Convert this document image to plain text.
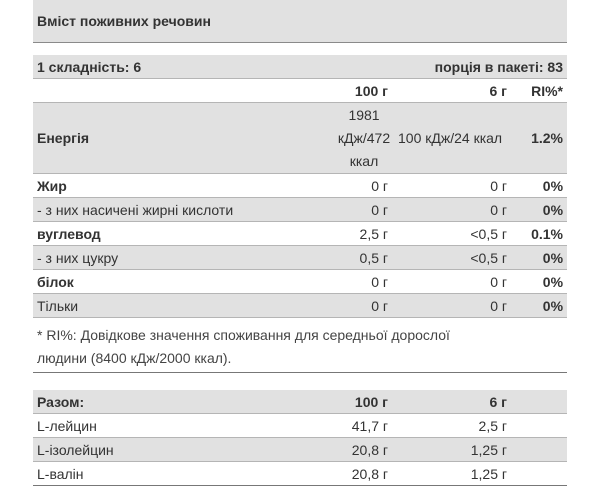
Вміст поживних речовин
1 складність: 6		порція в пакеті: 83	
	100 г	6 г	RI%*
Енергія	1981
кДж/472
ккал	100 кДж/24 ккал	1.2%
Жир	0 г	0 г	0%
- з них насичені жирні кислоти	0 г	0 г	0%
вуглевод	2,5 г	<0,5 г	0.1%
- з них цукру	0,5 г	<0,5 г	0%
білок	0 г	0 г	0%
Тільки	0 г	0 г	0%
* RI%: Довідкове значення споживання для середньої дорослої
людини (8400 кДж/2000 ккал).
Разом:	100 г	6 г	
L-лейцин	41,7 г	2,5 г	
L-ізолейцин	20,8 г	1,25 г	
L-валін	20,8 г	1,25 г	
